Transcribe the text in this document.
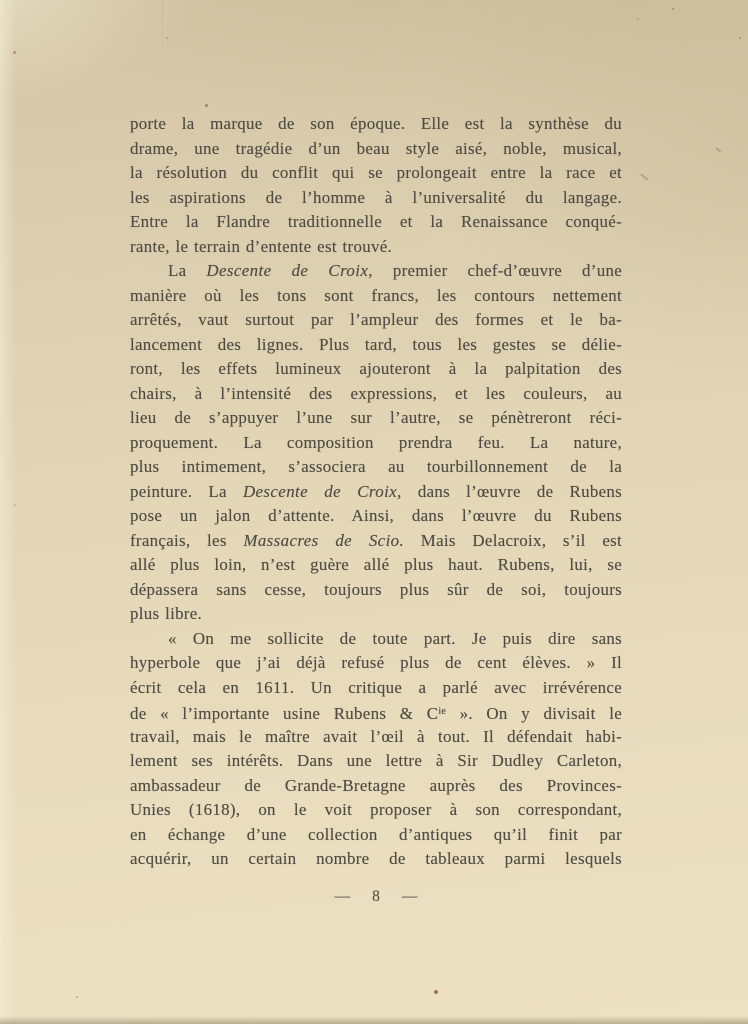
porte la marque de son époque. Elle est la synthèse du
drame, une tragédie d’un beau style aisé, noble, musical,
la résolution du conflit qui se prolongeait entre la race et
les aspirations de l’homme à l’universalité du langage.
Entre la Flandre traditionnelle et la Renaissance conqué-
rante, le terrain d’entente est trouvé.
La Descente de Croix, premier chef-d’œuvre d’une
manière où les tons sont francs, les contours nettement
arrêtés, vaut surtout par l’ampleur des formes et le ba-
lancement des lignes. Plus tard, tous les gestes se délie-
ront, les effets lumineux ajouteront à la palpitation des
chairs, à l’intensité des expressions, et les couleurs, au
lieu de s’appuyer l’une sur l’autre, se pénètreront réci-
proquement. La composition prendra feu. La nature,
plus intimement, s’associera au tourbillonnement de la
peinture. La Descente de Croix, dans l’œuvre de Rubens
pose un jalon d’attente. Ainsi, dans l’œuvre du Rubens
français, les Massacres de Scio. Mais Delacroix, s’il est
allé plus loin, n’est guère allé plus haut. Rubens, lui, se
dépassera sans cesse, toujours plus sûr de soi, toujours
plus libre.
« On me sollicite de toute part. Je puis dire sans
hyperbole que j’ai déjà refusé plus de cent élèves. » Il
écrit cela en 1611. Un critique a parlé avec irrévérence
de « l’importante usine Rubens & $C^{ie}$ ». On y divisait le
travail, mais le maître avait l’œil à tout. Il défendait habi-
lement ses intérêts. Dans une lettre à Sir Dudley Carleton,
ambassadeur de Grande-Bretagne auprès des Provinces-
Unies (1618), on le voit proposer à son correspondant,
en échange d’une collection d’antiques qu’il finit par
acquérir, un certain nombre de tableaux parmi lesquels
— 8 —
